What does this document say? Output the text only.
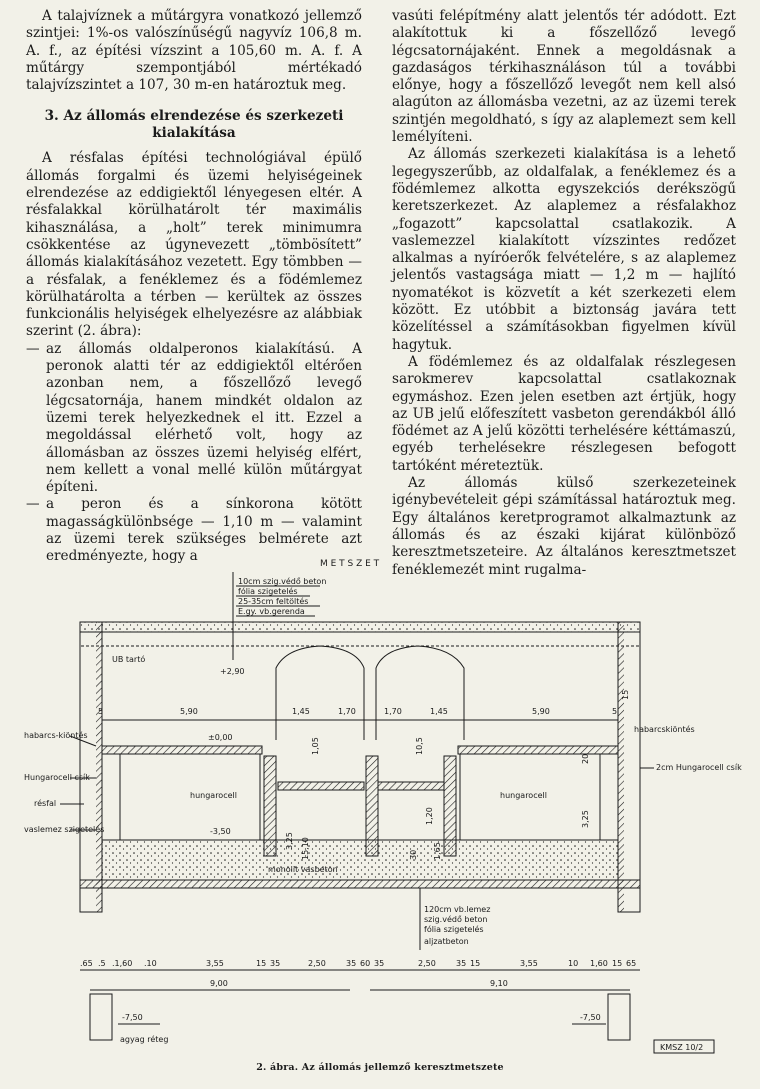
A talajvíznek a műtárgyra vonatkozó jellemző szintjei: 1%-os valószínűségű nagyvíz 106,8 m. A. f., az építési vízszint a 105,60 m. A. f. A műtárgy szempontjából mértékadó talajvízszintet a 107, 30 m-en határoztuk meg.

3. Az állomás elrendezése és szerkezeti
kialakítása

A résfalas építési technológiával épülő állomás forgalmi és üzemi helyiségeinek elrendezése az eddigiektől lényegesen eltér. A résfalakkal körülhatárolt tér maximális kihasználása, a „holt” terek minimumra csökkentése az úgynevezett „tömbösített” állomás kialakításához vezetett. Egy tömbben — a résfalak, a fenéklemez és a födémlemez körülhatárolta a térben — kerültek az összes funkcionális helyiségek elhelyezésre az alábbiak szerint (2. ábra):

— az állomás oldalperonos kialakítású. A peronok alatti tér az eddigiektől eltérően azonban nem, a főszellőző levegő légcsatornája, hanem mindkét oldalon az üzemi terek helyezkednek el itt. Ezzel a megoldással elérhető volt, hogy az állomásban az összes üzemi helyiség elfért, nem kellett a vonal mellé külön műtárgyat építeni.
— a peron és a sínkorona kötött magasságkülönbsége — 1,10 m — valamint az üzemi terek szükséges belmérete azt eredményezte, hogy a

vasúti felépítmény alatt jelentős tér adódott. Ezt alakítottuk ki a főszellőző levegő légcsatornájaként. Ennek a megoldásnak a gazdaságos térkihasználáson túl a további előnye, hogy a főszellőző levegőt nem kell alsó alagúton az állomásba vezetni, az az üzemi terek szintjén megoldható, s így az alaplemezt sem kell lemélyíteni.

Az állomás szerkezeti kialakítása is a lehető legegyszerűbb, az oldalfalak, a fenéklemez és a födémlemez alkotta egyszekciós derékszögű keretszerkezet. Az alaplemez a résfalakhoz „fogazott” kapcsolattal csatlakozik. A vaslemezzel kialakított vízszintes redőzet alkalmas a nyíróerők felvételére, s az alaplemez jelentős vastagsága miatt — 1,2 m — hajlító nyomatékot is közvetít a két szerkezeti elem között. Ez utóbbit a biztonság javára tett közelítéssel a számításokban figyelmen kívül hagytuk.

A födémlemez és az oldalfalak részlegesen sarokmerev kapcsolattal csatlakoznak egymáshoz. Ezen jelen esetben azt értjük, hogy az UB jelű előfeszített vasbeton gerendákból álló födémet az A jelű közötti terhelésére kéttámaszú, egyéb terhelésekre részlegesen befogott tartóként méreteztük.

Az állomás külső szerkezeteinek igénybevételeit gépi számítással határoztuk meg. Egy általános keretprogramot alkalmaztunk az állomás és az északi kijárat különböző keresztmetszeteire. Az általános keresztmetszet fenéklemezét mint rugalma-

M E T S Z E T
10cm szig.védő beton
fólia szigetelés
25-35cm feltöltés
E.gy. vb.gerenda
UB tartó
+2,90
5	5,90	1,45	1,70	1,70	1,45	5,90	5
±0,00
habarcskiöntés
hungarocell	hungarocell
-3,50
1,05	10,5
1,20	3,25
20
15
monolit vasbeton
habarcs-kiöntés
Hungarocell csík
résfal
vaslemez szigetelés
2cm Hungarocell csík
120cm vb.lemez
szig.védő beton
fólia szigetelés
aljzatbeton
.65 .5 .1,60 .10	3,55	15 35	2,50	35 60 35	2,50	35 15	3,55	10 1,60 15 65
9,00	9,10
-7,50	-7,50
agyag réteg
KMSZ 10/2
2. ábra. Az állomás jellemző keresztmetszete
